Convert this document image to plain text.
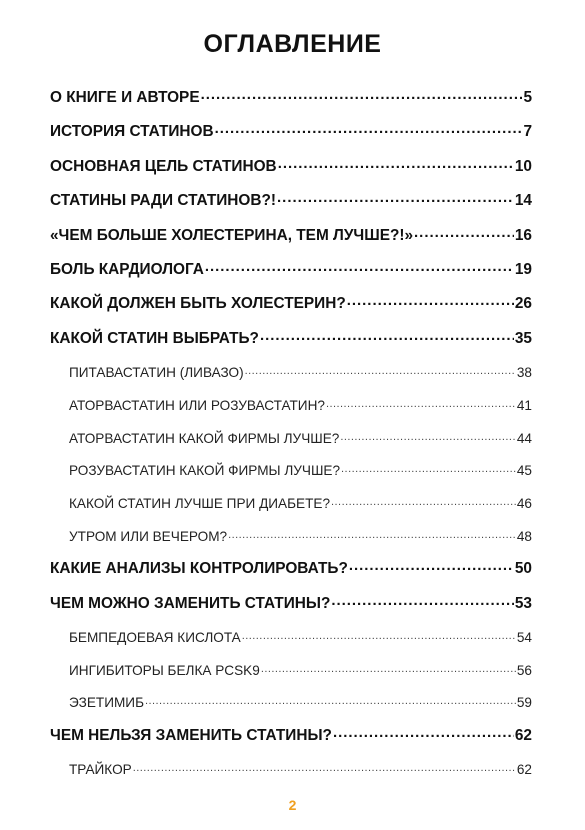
ОГЛАВЛЕНИЕ
О КНИГЕ И АВТОРЕ . . .	5
ИСТОРИЯ СТАТИНОВ . . .	7
ОСНОВНАЯ ЦЕЛЬ СТАТИНОВ . . .	10
СТАТИНЫ РАДИ СТАТИНОВ?! . . .	14
«ЧЕМ БОЛЬШЕ ХОЛЕСТЕРИНА, ТЕМ ЛУЧШЕ?!» . . .	16
БОЛЬ КАРДИОЛОГА . . .	19
КАКОЙ ДОЛЖЕН БЫТЬ ХОЛЕСТЕРИН? . . .	26
КАКОЙ СТАТИН ВЫБРАТЬ? . . .	35
ПИТАВАСТАТИН (ЛИВАЗО) . . .	38
АТОРВАСТАТИН ИЛИ РОЗУВАСТАТИН? . . .	41
АТОРВАСТАТИН КАКОЙ ФИРМЫ ЛУЧШЕ? . . .	44
РОЗУВАСТАТИН КАКОЙ ФИРМЫ ЛУЧШЕ? . . .	45
КАКОЙ СТАТИН ЛУЧШЕ ПРИ ДИАБЕТЕ? . . .	46
УТРОМ ИЛИ ВЕЧЕРОМ? . . .	48
КАКИЕ АНАЛИЗЫ КОНТРОЛИРОВАТЬ? . . .	50
ЧЕМ МОЖНО ЗАМЕНИТЬ СТАТИНЫ? . . .	53
БЕМПЕДОЕВАЯ КИСЛОТА . . .	54
ИНГИБИТОРЫ БЕЛКА PCSK9 . . .	56
ЭЗЕТИМИБ . . .	59
ЧЕМ НЕЛЬЗЯ ЗАМЕНИТЬ СТАТИНЫ? . . .	62
ТРАЙКОР . . .	62
2
